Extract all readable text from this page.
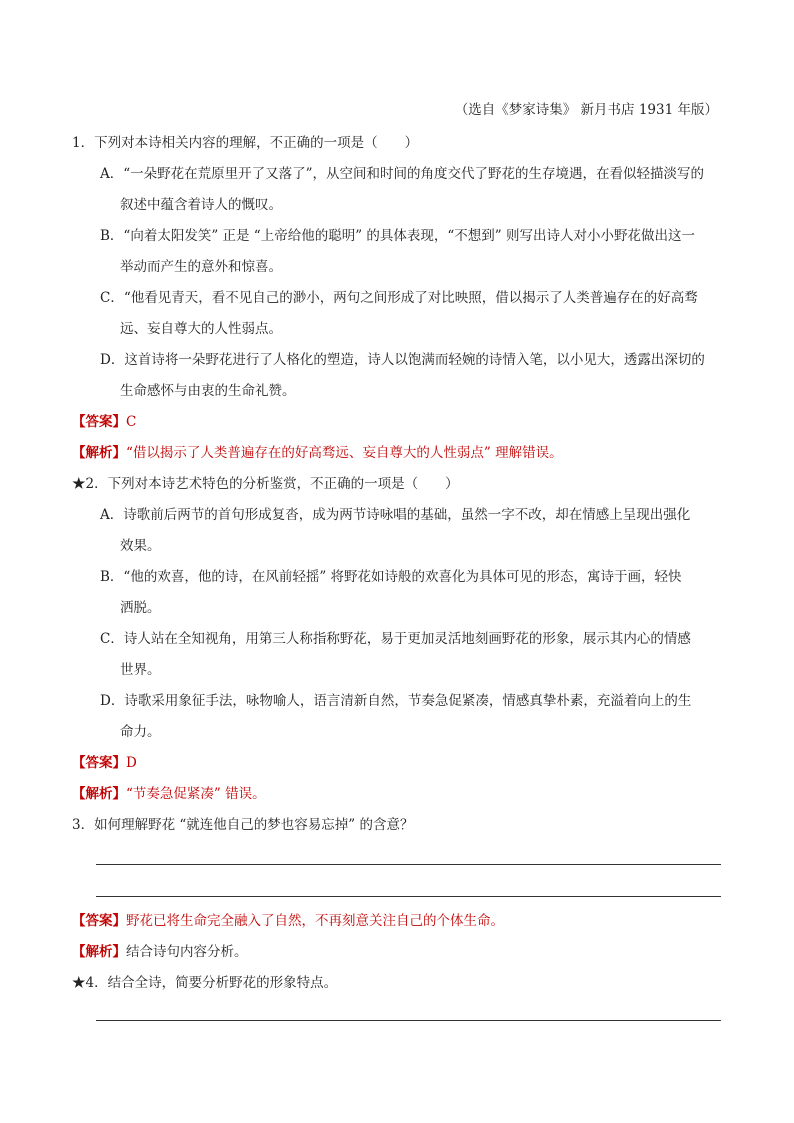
（选自《梦家诗集》 新月书店 1931 年版）
1．下列对本诗相关内容的理解，不正确的一项是（　　）
A．“一朵野花在荒原里开了又落了”，从空间和时间的角度交代了野花的生存境遇，在看似轻描淡写的
叙述中蕴含着诗人的慨叹。
B．“向着太阳发笑” 正是 “上帝给他的聪明” 的具体表现，“不想到” 则写出诗人对小小野花做出这一
举动而产生的意外和惊喜。
C．“他看见青天，看不见自己的渺小，两句之间形成了对比映照，借以揭示了人类普遍存在的好高骛
远、妄自尊大的人性弱点。
D．这首诗将一朵野花进行了人格化的塑造，诗人以饱满而轻婉的诗情入笔，以小见大，透露出深切的
生命感怀与由衷的生命礼赞。
【答案】C
【解析】“借以揭示了人类普遍存在的好高骛远、妄自尊大的人性弱点” 理解错误。
★2．下列对本诗艺术特色的分析鉴赏，不正确的一项是（　　）
A．诗歌前后两节的首句形成复沓，成为两节诗咏唱的基础，虽然一字不改，却在情感上呈现出强化
效果。
B．“他的欢喜，他的诗，在风前轻摇” 将野花如诗般的欢喜化为具体可见的形态，寓诗于画，轻快
洒脱。
C．诗人站在全知视角，用第三人称指称野花，易于更加灵活地刻画野花的形象，展示其内心的情感
世界。
D．诗歌采用象征手法，咏物喻人，语言清新自然，节奏急促紧凑，情感真挚朴素，充溢着向上的生
命力。
【答案】D
【解析】“节奏急促紧凑” 错误。
3．如何理解野花 “就连他自己的梦也容易忘掉” 的含意？
【答案】野花已将生命完全融入了自然，不再刻意关注自己的个体生命。
【解析】结合诗句内容分析。
★4．结合全诗，简要分析野花的形象特点。
